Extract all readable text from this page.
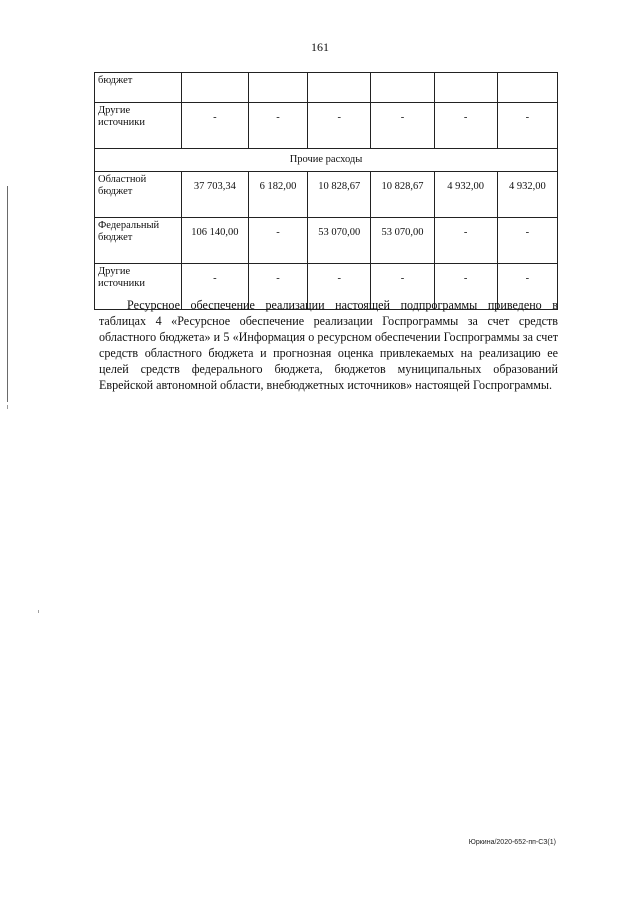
161
бюджет						
Другие источники	-	-	-	-	-	-
Прочие расходы						
Областной бюджет	37 703,34	6 182,00	10 828,67	10 828,67	4 932,00	4 932,00
Федеральный бюджет	106 140,00	-	53 070,00	53 070,00	-	-
Другие источники	-	-	-	-	-	-
Ресурсное обеспечение реализации настоящей подпрограммы приведено в таблицах 4 «Ресурсное обеспечение реализации Госпрограммы за счет средств областного бюджета» и 5 «Информация о ресурсном обеспечении Госпрограммы за счет средств областного бюджета и прогнозная оценка привлекаемых на реализацию ее целей средств федерального бюджета, бюджетов муниципальных образований Еврейской автономной области, внебюджетных источников» настоящей Госпрограммы.
Юркина/2020-652-пп-СЗ(1)
